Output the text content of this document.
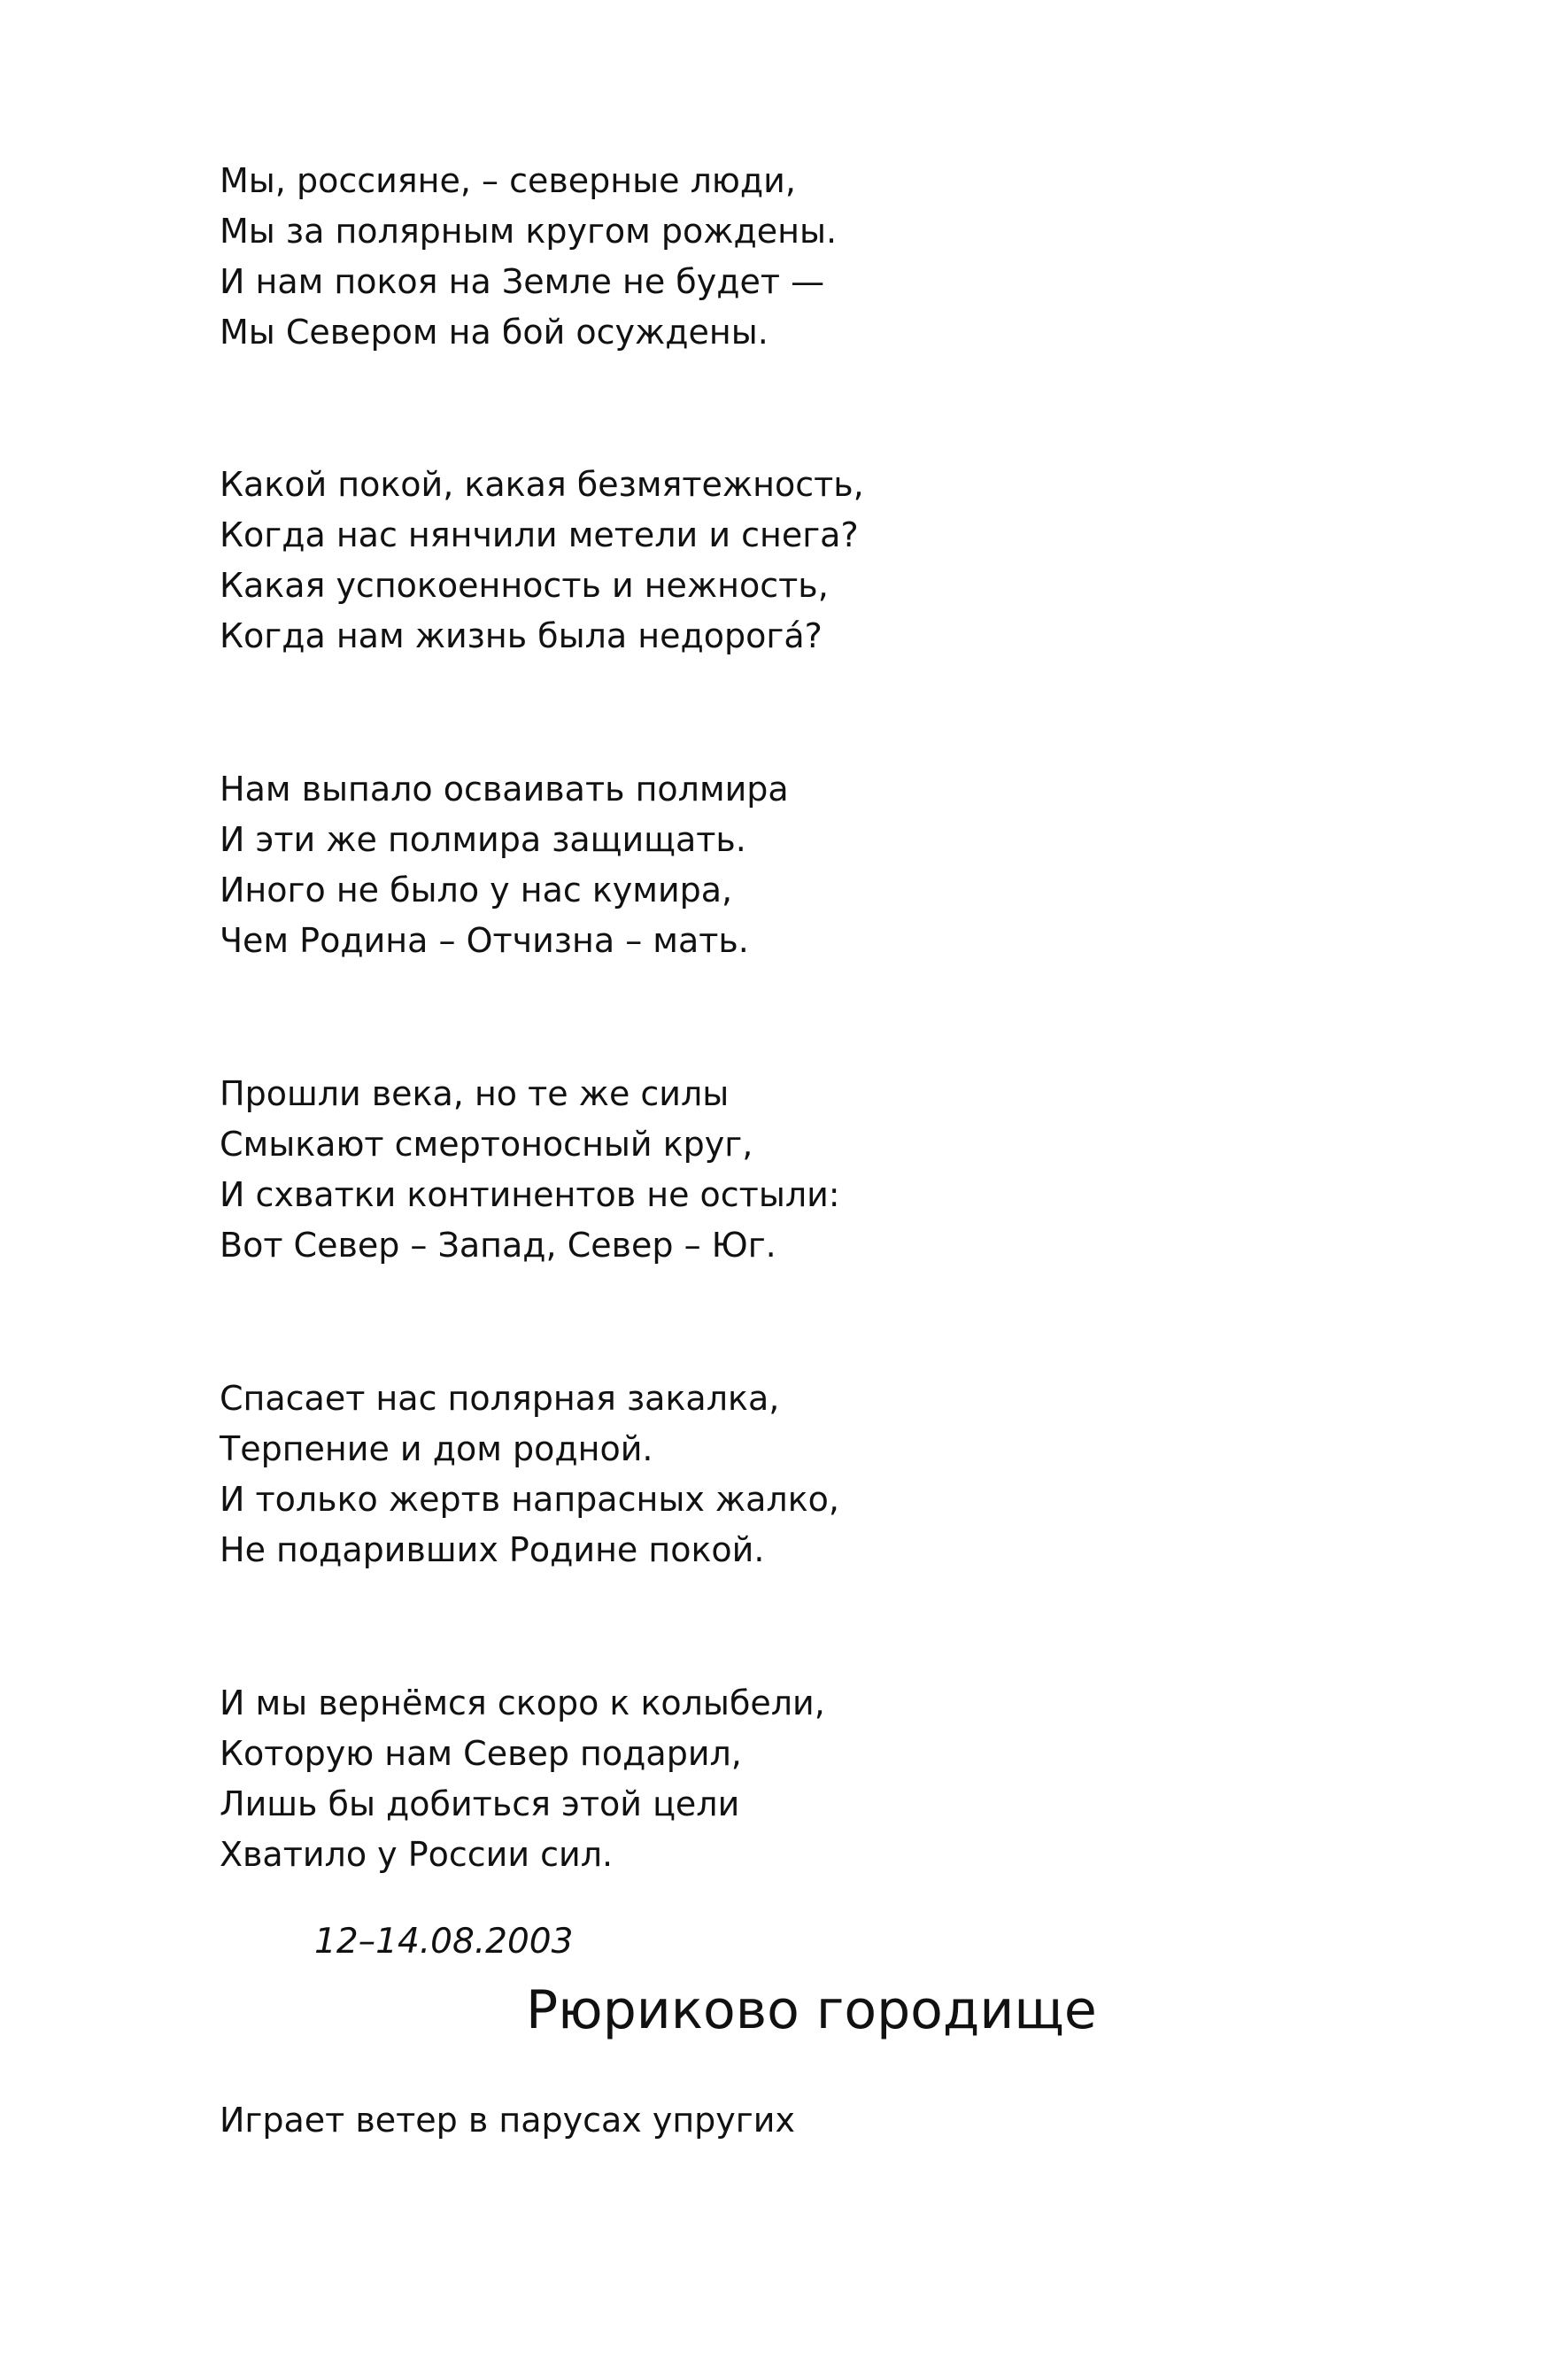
Мы, россияне, – северные люди,
Мы за полярным кругом рождены.
И нам покоя на Земле не будет —
Мы Севером на бой осуждены.
Какой покой, какая безмятежность,
Когда нас нянчили метели и снега?
Какая успокоенность и нежность,
Когда нам жизнь была недорогá?
Нам выпало осваивать полмира
И эти же полмира защищать.
Иного не было у нас кумира,
Чем Родина – Отчизна – мать.
Прошли века, но те же силы
Смыкают смертоносный круг,
И схватки континентов не остыли:
Вот Север – Запад, Север – Юг.
Спасает нас полярная закалка,
Терпение и дом родной.
И только жертв напрасных жалко,
Не подаривших Родине покой.
И мы вернёмся скоро к колыбели,
Которую нам Север подарил,
Лишь бы добиться этой цели
Хватило у России сил.
12–14.08.2003
Рюриково городище
Играет ветер в парусах упругих
